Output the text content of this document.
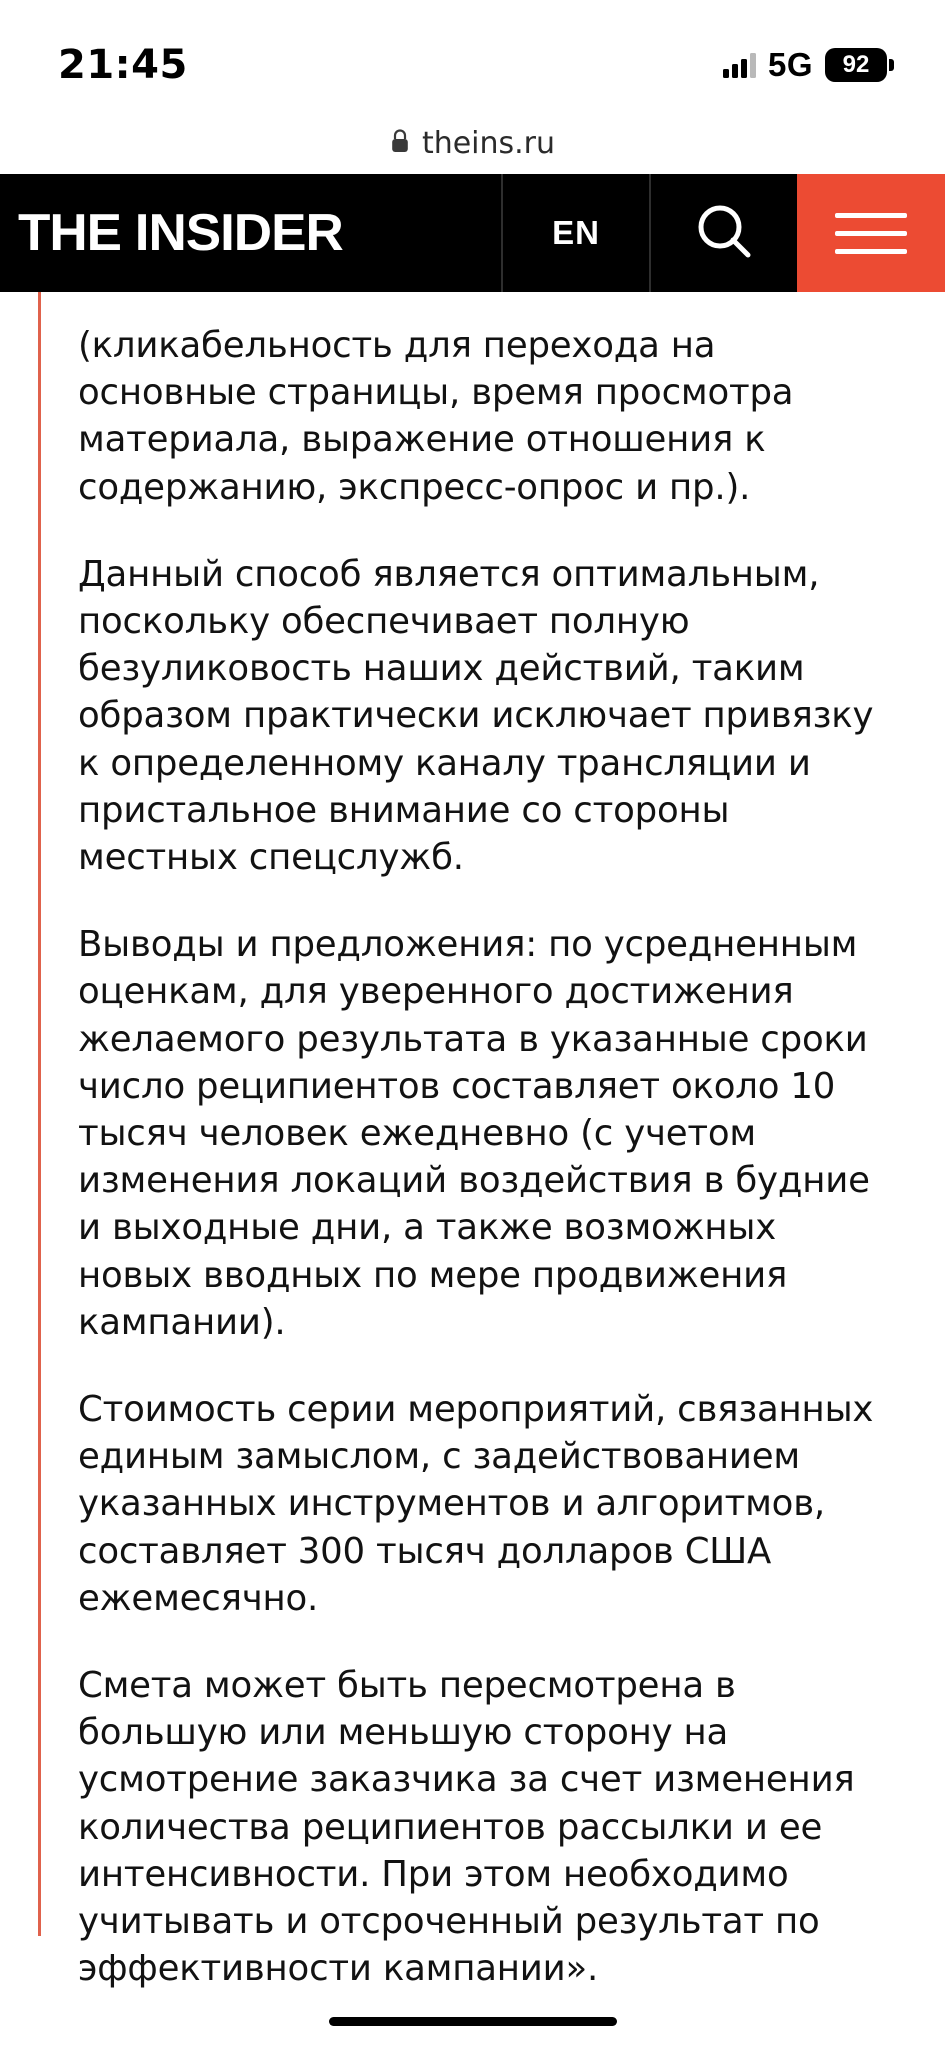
21:45	5G 92
theins.ru
THE INSIDER	EN

(кликабельность для перехода на основные страницы, время просмотра материала, выражение отношения к содержанию, экспресс-опрос и пр.).

Данный способ является оптимальным, поскольку обеспечивает полную безуликовость наших действий, таким образом практически исключает привязку к определенному каналу трансляции и пристальное внимание со стороны местных спецслужб.

Выводы и предложения: по усредненным оценкам, для уверенного достижения желаемого результата в указанные сроки число реципиентов составляет около 10 тысяч человек ежедневно (с учетом изменения локаций воздействия в будние и выходные дни, а также возможных новых вводных по мере продвижения кампании).

Стоимость серии мероприятий, связанных единым замыслом, с задействованием указанных инструментов и алгоритмов, составляет 300 тысяч долларов США ежемесячно.

Смета может быть пересмотрена в большую или меньшую сторону на усмотрение заказчика за счет изменения количества реципиентов рассылки и ее интенсивности. При этом необходимо учитывать и отсроченный результат по эффективности кампании».
